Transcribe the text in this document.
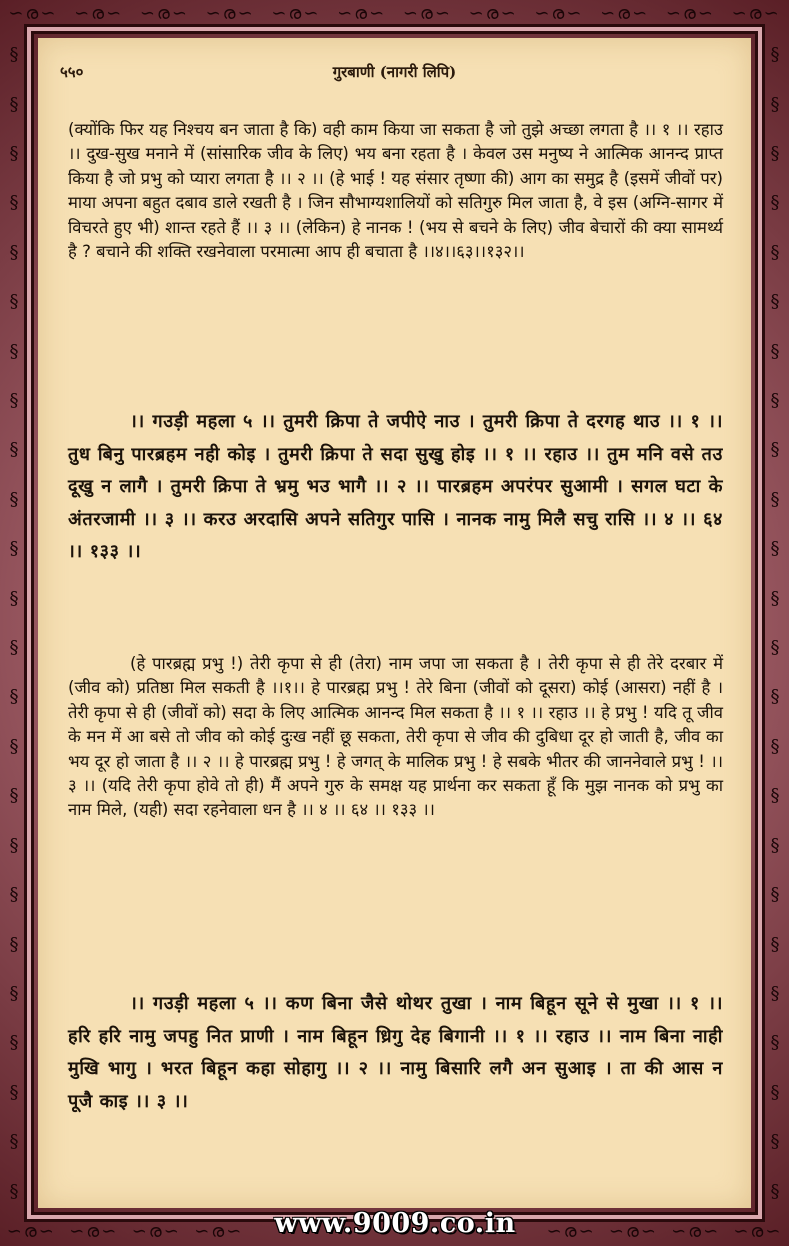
∽ര∽ ∽ര∽ ∽ര∽ ∽ര∽ ∽ര∽ ∽ര∽ ∽ര∽ ∽ര∽ ∽ര∽ ∽ര∽ ∽ര∽ ∽ര∽
§
§
§
§
§
§
§
§
§
§
§
§
§
§
§
§
§
§
§
§
§
§
§
§
§
§
§
§
§
§
§
§
§
§
§
§
§
§
§
§
§
§
§
§
§
§
§
§
∽ര∽ ∽ര∽ ∽ര∽ ∽ര∽	∽ര∽ ∽ര∽ ∽ര∽ ∽ര∽
५५०	गुरबाणी (नागरी लिपि)
(क्योंकि फिर यह निश्चय बन जाता है कि) वही काम किया जा सकता है जो तुझे अच्छा लगता है ।। १ ।। रहाउ ।। दुख-सुख मनाने में (सांसारिक जीव के लिए) भय बना रहता है । केवल उस मनुष्य ने आत्मिक आनन्द प्राप्त किया है जो प्रभु को प्यारा लगता है ।। २ ।। (हे भाई ! यह संसार तृष्णा की) आग का समुद्र है (इसमें जीवों पर) माया अपना बहुत दबाव डाले रखती है । जिन सौभाग्यशालियों को सतिगुरु मिल जाता है, वे इस (अग्नि-सागर में विचरते हुए भी) शान्त रहते हैं ।। ३ ।। (लेकिन) हे नानक ! (भय से बचने के लिए) जीव बेचारों की क्या सामर्थ्य है ? बचाने की शक्ति रखनेवाला परमात्मा आप ही बचाता है ।।४।।६३।।१३२।।
।। गउड़ी महला ५ ।। तुमरी क्रिपा ते जपीऐ नाउ । तुमरी क्रिपा ते दरगह थाउ ।। १ ।। तुध बिनु पारब्रहम नही कोइ । तुमरी क्रिपा ते सदा सुखु होइ ।। १ ।। रहाउ ।। तुम मनि वसे तउ दूखु न लागै । तुमरी क्रिपा ते भ्रमु भउ भागै ।। २ ।। पारब्रहम अपरंपर सुआमी । सगल घटा के अंतरजामी ।। ३ ।। करउ अरदासि अपने सतिगुर पासि । नानक नामु मिलै सचु रासि ।। ४ ।। ६४ ।। १३३ ।।
(हे पारब्रह्म प्रभु !) तेरी कृपा से ही (तेरा) नाम जपा जा सकता है । तेरी कृपा से ही तेरे दरबार में (जीव को) प्रतिष्ठा मिल सकती है ।।१।। हे पारब्रह्म प्रभु ! तेरे बिना (जीवों को दूसरा) कोई (आसरा) नहीं है । तेरी कृपा से ही (जीवों को) सदा के लिए आत्मिक आनन्द मिल सकता है ।। १ ।। रहाउ ।। हे प्रभु ! यदि तू जीव के मन में आ बसे तो जीव को कोई दुःख नहीं छू सकता, तेरी कृपा से जीव की दुबिधा दूर हो जाती है, जीव का भय दूर हो जाता है ।। २ ।। हे पारब्रह्म प्रभु ! हे जगत् के मालिक प्रभु ! हे सबके भीतर की जाननेवाले प्रभु ! ।। ३ ।। (यदि तेरी कृपा होवे तो ही) मैं अपने गुरु के समक्ष यह प्रार्थना कर सकता हूँ कि मुझ नानक को प्रभु का नाम मिले, (यही) सदा रहनेवाला धन है ।। ४ ।। ६४ ।। १३३ ।।
।। गउड़ी महला ५ ।। कण बिना जैसे थोथर तुखा । नाम बिहून सूने से मुखा ।। १ ।। हरि हरि नामु जपहु नित प्राणी । नाम बिहून ध्रिगु देह बिगानी ।। १ ।। रहाउ ।। नाम बिना नाही मुखि भागु । भरत बिहून कहा सोहागु ।। २ ।। नामु बिसारि लगै अन सुआइ । ता की आस न पूजै काइ ।। ३ ।।
www.9009.co.in
